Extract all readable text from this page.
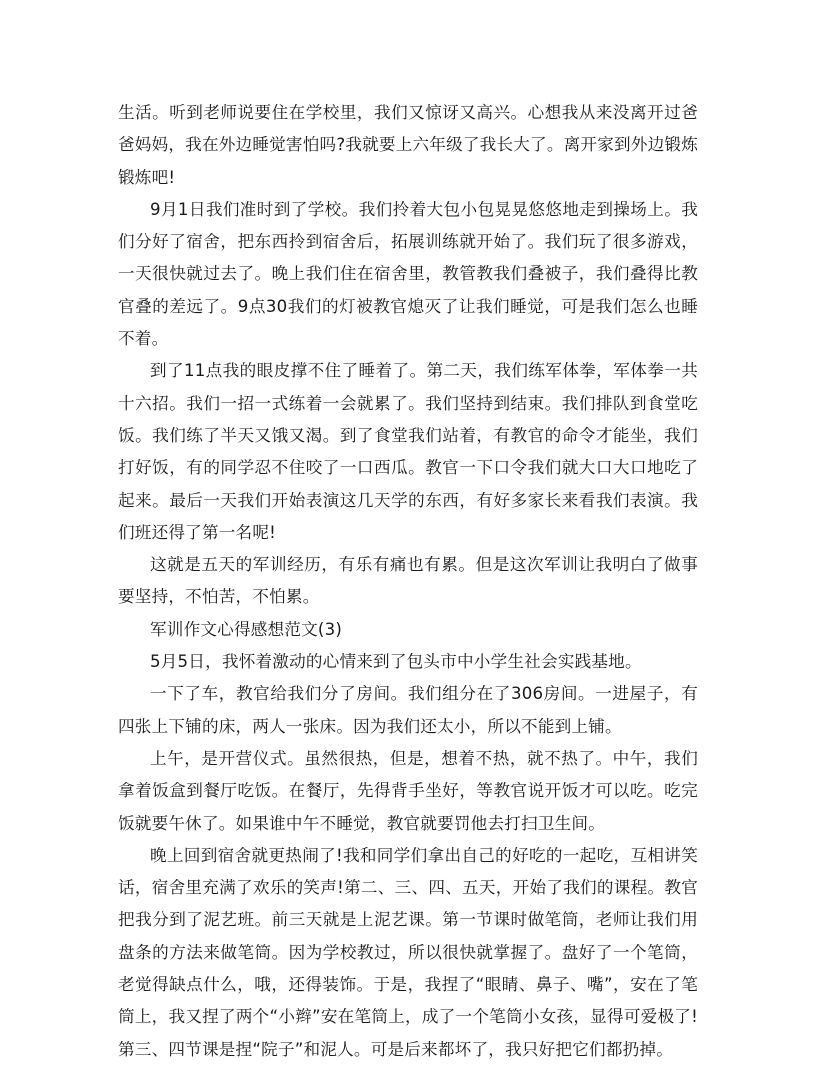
生活。听到老师说要住在学校里，我们又惊讶又高兴。心想我从来没离开过爸爸妈妈，我在外边睡觉害怕吗?我就要上六年级了我长大了。离开家到外边锻炼锻炼吧!

9月1日我们准时到了学校。我们拎着大包小包晃晃悠悠地走到操场上。我们分好了宿舍，把东西拎到宿舍后，拓展训练就开始了。我们玩了很多游戏，一天很快就过去了。晚上我们住在宿舍里，教管教我们叠被子，我们叠得比教官叠的差远了。9点30我们的灯被教官熄灭了让我们睡觉，可是我们怎么也睡不着。

到了11点我的眼皮撑不住了睡着了。第二天，我们练军体拳，军体拳一共十六招。我们一招一式练着一会就累了。我们坚持到结束。我们排队到食堂吃饭。我们练了半天又饿又渴。到了食堂我们站着，有教官的命令才能坐，我们打好饭，有的同学忍不住咬了一口西瓜。教官一下口令我们就大口大口地吃了起来。最后一天我们开始表演这几天学的东西，有好多家长来看我们表演。我们班还得了第一名呢!

这就是五天的军训经历，有乐有痛也有累。但是这次军训让我明白了做事要坚持，不怕苦，不怕累。

军训作文心得感想范文(3)

5月5日，我怀着激动的心情来到了包头市中小学生社会实践基地。

一下了车，教官给我们分了房间。我们组分在了306房间。一进屋子，有四张上下铺的床，两人一张床。因为我们还太小，所以不能到上铺。

上午，是开营仪式。虽然很热，但是，想着不热，就不热了。中午，我们拿着饭盒到餐厅吃饭。在餐厅，先得背手坐好，等教官说开饭才可以吃。吃完饭就要午休了。如果谁中午不睡觉，教官就要罚他去打扫卫生间。

晚上回到宿舍就更热闹了!我和同学们拿出自己的好吃的一起吃，互相讲笑话，宿舍里充满了欢乐的笑声!第二、三、四、五天，开始了我们的课程。教官把我分到了泥艺班。前三天就是上泥艺课。第一节课时做笔筒，老师让我们用盘条的方法来做笔筒。因为学校教过，所以很快就掌握了。盘好了一个笔筒，老觉得缺点什么，哦，还得装饰。于是，我捏了“眼睛、鼻子、嘴”，安在了笔筒上，我又捏了两个“小辫”安在笔筒上，成了一个笔筒小女孩，显得可爱极了!第三、四节课是捏“院子”和泥人。可是后来都坏了，我只好把它们都扔掉。
